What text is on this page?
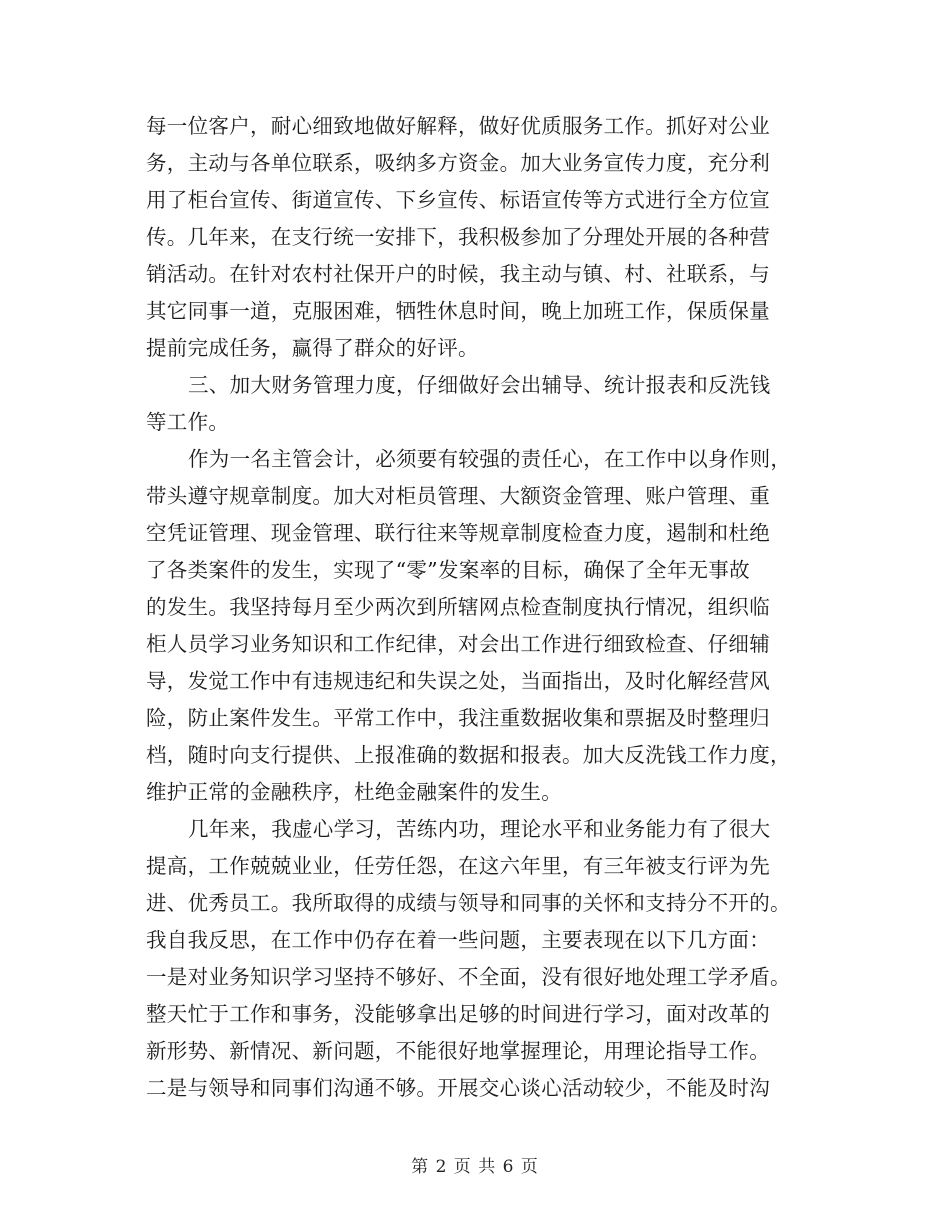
每一位客户，耐心细致地做好解释，做好优质服务工作。抓好对公业
务，主动与各单位联系，吸纳多方资金。加大业务宣传力度，充分利
用了柜台宣传、街道宣传、下乡宣传、标语宣传等方式进行全方位宣
传。几年来，在支行统一安排下，我积极参加了分理处开展的各种营
销活动。在针对农村社保开户的时候，我主动与镇、村、社联系，与
其它同事一道，克服困难，牺牲休息时间，晚上加班工作，保质保量
提前完成任务，赢得了群众的好评。
三、加大财务管理力度，仔细做好会出辅导、统计报表和反洗钱
等工作。
作为一名主管会计，必须要有较强的责任心，在工作中以身作则，
带头遵守规章制度。加大对柜员管理、大额资金管理、账户管理、重
空凭证管理、现金管理、联行往来等规章制度检查力度，遏制和杜绝
了各类案件的发生，实现了“零”发案率的目标，确保了全年无事故
的发生。我坚持每月至少两次到所辖网点检查制度执行情况，组织临
柜人员学习业务知识和工作纪律，对会出工作进行细致检查、仔细辅
导，发觉工作中有违规违纪和失误之处，当面指出，及时化解经营风
险，防止案件发生。平常工作中，我注重数据收集和票据及时整理归
档，随时向支行提供、上报准确的数据和报表。加大反洗钱工作力度，
维护正常的金融秩序，杜绝金融案件的发生。
几年来，我虚心学习，苦练内功，理论水平和业务能力有了很大
提高，工作兢兢业业，任劳任怨，在这六年里，有三年被支行评为先
进、优秀员工。我所取得的成绩与领导和同事的关怀和支持分不开的。
我自我反思，在工作中仍存在着一些问题，主要表现在以下几方面：
一是对业务知识学习坚持不够好、不全面，没有很好地处理工学矛盾。
整天忙于工作和事务，没能够拿出足够的时间进行学习，面对改革的
新形势、新情况、新问题，不能很好地掌握理论，用理论指导工作。
二是与领导和同事们沟通不够。开展交心谈心活动较少，不能及时沟
第 2 页 共 6 页
